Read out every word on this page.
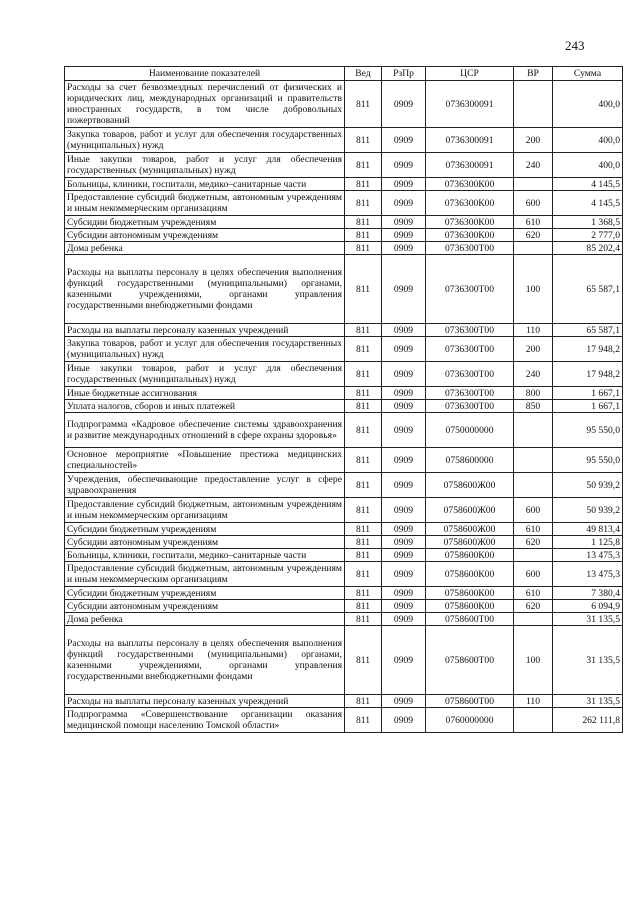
243
Наименование показателей	Вед	РзПр	ЦСР	ВР	Сумма
Расходы за счет безвозмездных перечислений от физических и юридических лиц, международных организаций и правительств иностранных государств, в том числе добровольных пожертвований	811	0909	0736300091		400,0
Закупка товаров, работ и услуг для обеспечения государственных (муниципальных) нужд	811	0909	0736300091	200	400,0
Иные закупки товаров, работ и услуг для обеспечения государственных (муниципальных) нужд	811	0909	0736300091	240	400,0
Больницы, клиники, госпитали, медико–санитарные части	811	0909	0736300К00		4 145,5
Предоставление субсидий бюджетным, автономным учреждениям и иным некоммерческим организациям	811	0909	0736300К00	600	4 145,5
Субсидии бюджетным учреждениям	811	0909	0736300К00	610	1 368,5
Субсидии автономным учреждениям	811	0909	0736300К00	620	2 777,0
Дома ребенка	811	0909	0736300Т00		85 202,4
Расходы на выплаты персоналу в целях обеспечения выполнения функций государственными (муниципальными) органами, казенными учреждениями, органами управления государственными внебюджетными фондами	811	0909	0736300Т00	100	65 587,1
Расходы на выплаты персоналу казенных учреждений	811	0909	0736300Т00	110	65 587,1
Закупка товаров, работ и услуг для обеспечения государственных (муниципальных) нужд	811	0909	0736300Т00	200	17 948,2
Иные закупки товаров, работ и услуг для обеспечения государственных (муниципальных) нужд	811	0909	0736300Т00	240	17 948,2
Иные бюджетные ассигнования	811	0909	0736300Т00	800	1 667,1
Уплата налогов, сборов и иных платежей	811	0909	0736300Т00	850	1 667,1
Подпрограмма «Кадровое обеспечение системы здравоохранения и развитие международных отношений в сфере охраны здоровья»	811	0909	0750000000		95 550,0
Основное мероприятие «Повышение престижа медицинских специальностей»	811	0909	0758600000		95 550,0
Учреждения, обеспечивающие предоставление услуг в сфере здравоохранения	811	0909	0758600Ж00		50 939,2
Предоставление субсидий бюджетным, автономным учреждениям и иным некоммерческим организациям	811	0909	0758600Ж00	600	50 939,2
Субсидии бюджетным учреждениям	811	0909	0758600Ж00	610	49 813,4
Субсидии автономным учреждениям	811	0909	0758600Ж00	620	1 125,8
Больницы, клиники, госпитали, медико–санитарные части	811	0909	0758600К00		13 475,3
Предоставление субсидий бюджетным, автономным учреждениям и иным некоммерческим организациям	811	0909	0758600К00	600	13 475,3
Субсидии бюджетным учреждениям	811	0909	0758600К00	610	7 380,4
Субсидии автономным учреждениям	811	0909	0758600К00	620	6 094,9
Дома ребенка	811	0909	0758600Т00		31 135,5
Расходы на выплаты персоналу в целях обеспечения выполнения функций государственными (муниципальными) органами, казенными учреждениями, органами управления государственными внебюджетными фондами	811	0909	0758600Т00	100	31 135,5
Расходы на выплаты персоналу казенных учреждений	811	0909	0758600Т00	110	31 135,5
Подпрограмма «Совершенствование организации оказания медицинской помощи населению Томской области»	811	0909	0760000000		262 111,8
